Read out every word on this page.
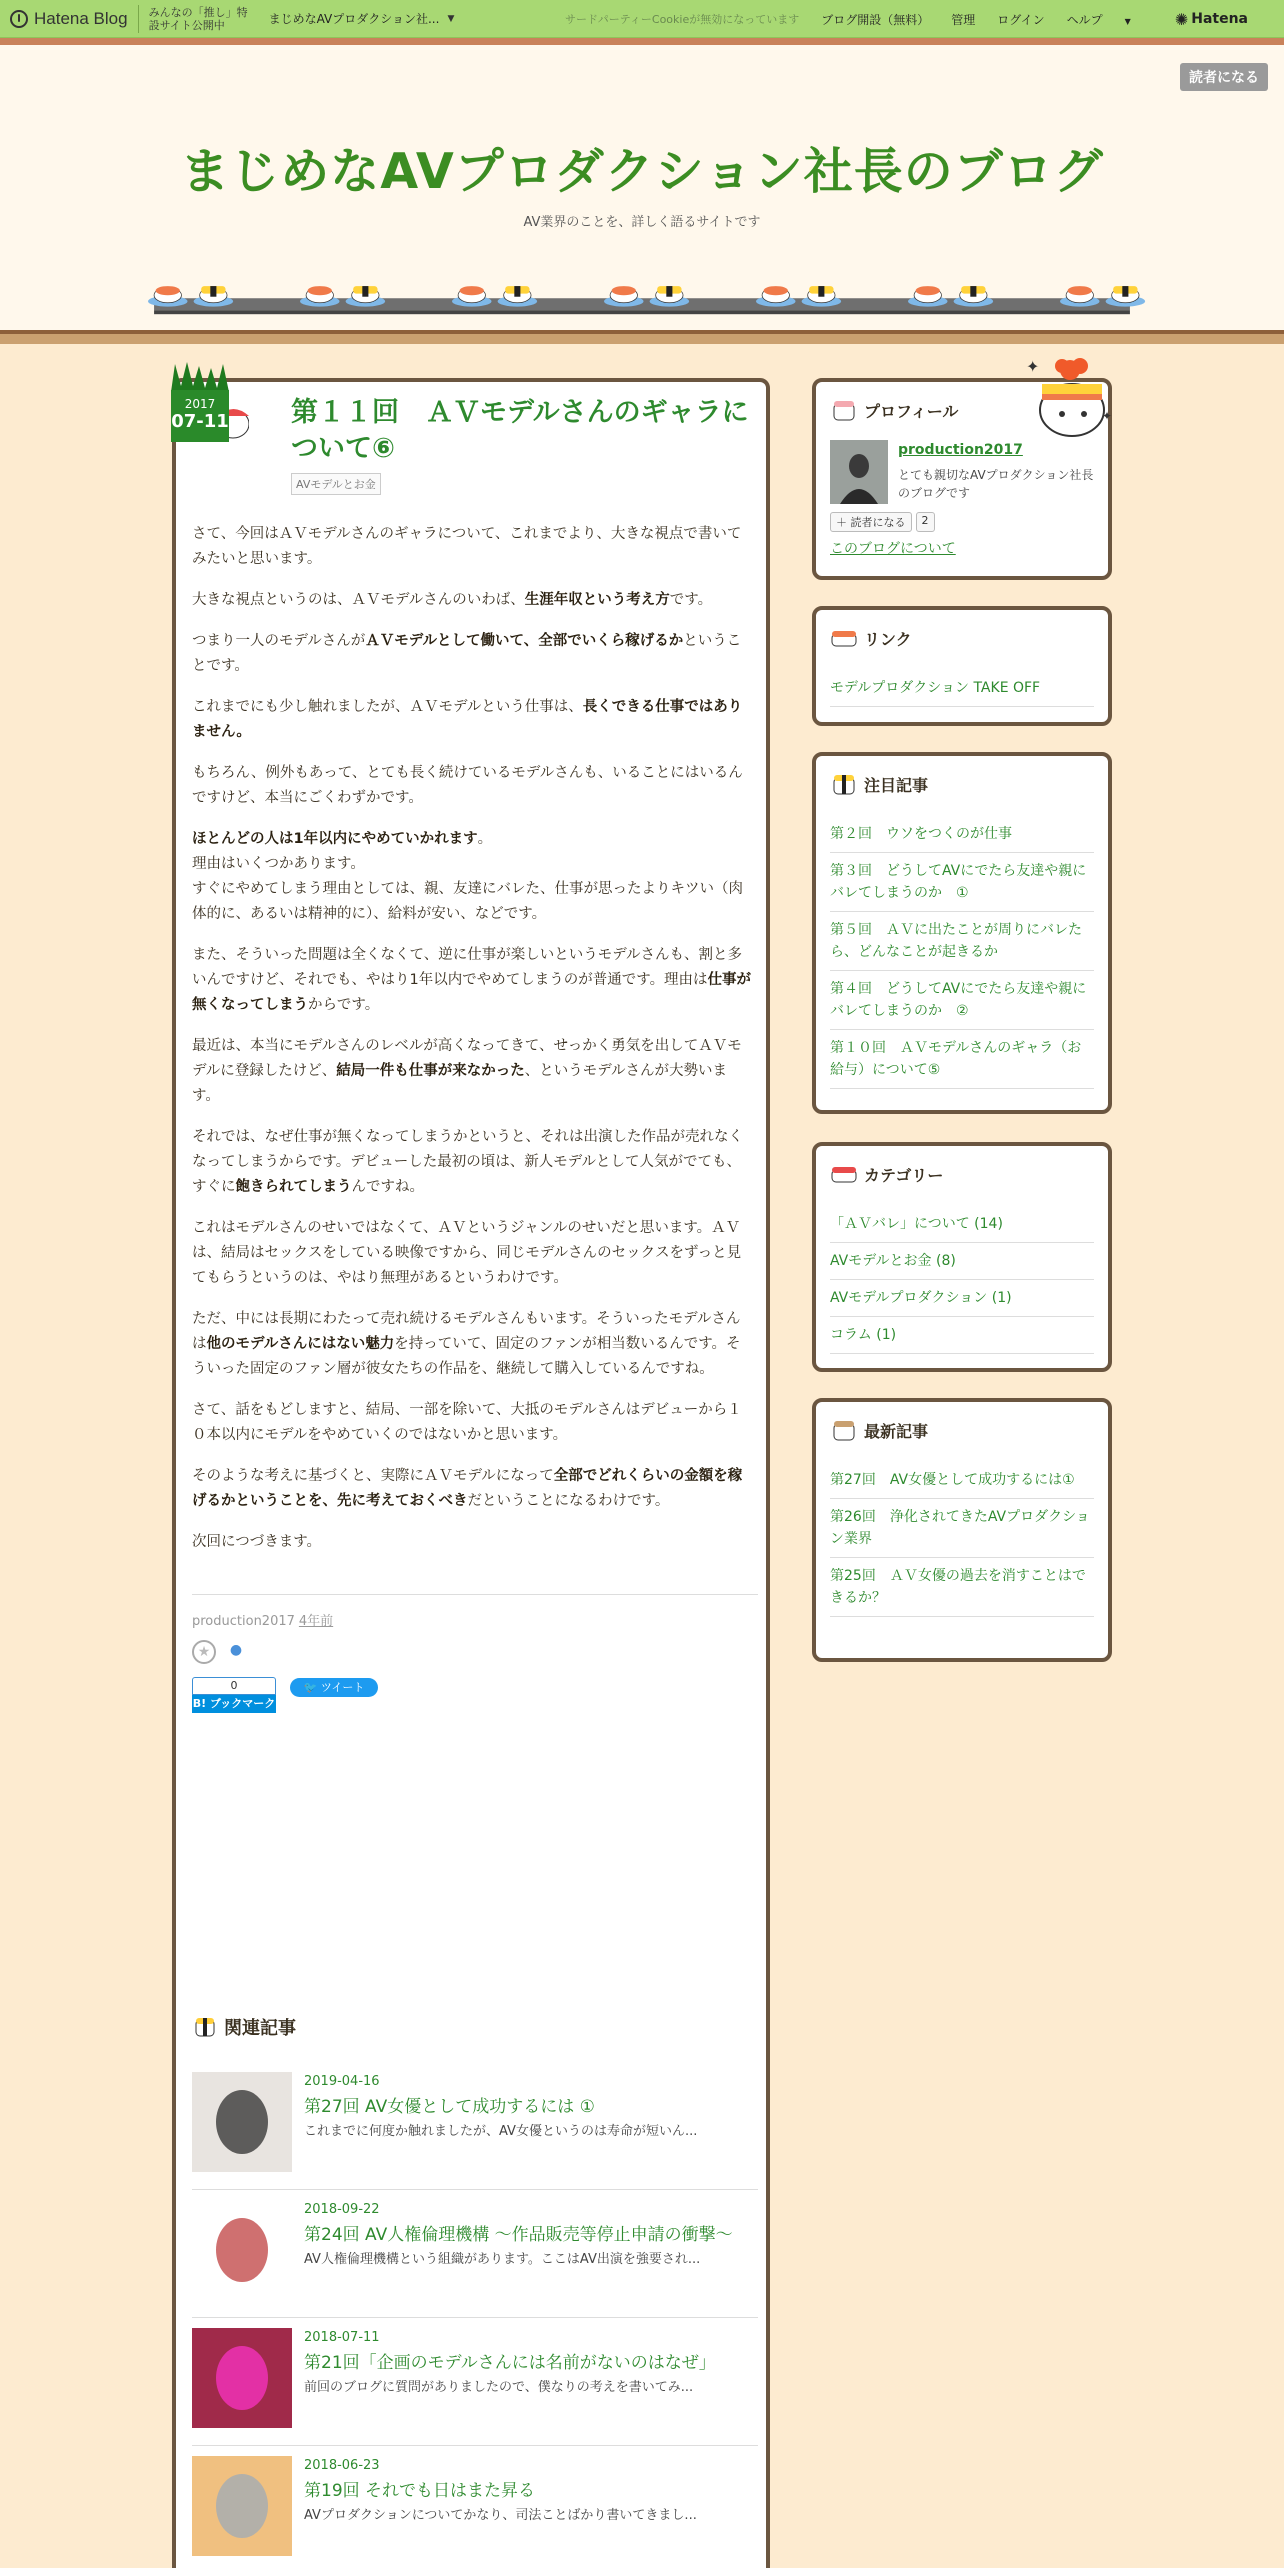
Hatena Blog みんなの「推し」特設サイト公開中	まじめなAV​プロダクション社... ▼	サードパーティーCookieが無効になっています ブログ開設（無料） 管理 ログイン ヘルプ	▼	✺ Hatena
読者になる
まじめなAVプロダクション社長のブログ
AV業界のことを、詳しく語るサイトです
2017
07-11 第１１回　ＡＶモデルさんのギャラについて⑥
AVモデルとお金

さて、今回はＡＶモデルさんのギャラについて、これまでより、大きな視点で書いてみたいと思います。

大きな視点というのは、ＡＶモデルさんのいわば、生涯年収という考え方です。

つまり一人のモデルさんがＡＶモデルとして働いて、全部でいくら稼げるかということです。

これまでにも少し触れましたが、ＡＶモデルという仕事は、長くできる仕事ではありません。

もちろん、例外もあって、とても長く続けているモデルさんも、いることにはいるんですけど、本当にごくわずかです。

ほとんどの人は1年以内にやめていかれます。
理由はいくつかあります。
すぐにやめてしまう理由としては、親、友達にバレた、仕事が思ったよりキツい（肉体的に、あるいは精神的に）、給料が安い、などです。

また、そういった問題は全くなくて、逆に仕事が楽しいというモデルさんも、割と多いんですけど、それでも、やはり1年以内でやめてしまうのが普通です。理由は仕事が無くなってしまうからです。

最近は、本当にモデルさんのレベルが高くなってきて、せっかく勇気を出してＡＶモデルに登録したけど、結局一件も仕事が来なかった、というモデルさんが大勢います。

それでは、なぜ仕事が無くなってしまうかというと、それは出演した作品が売れなくなってしまうからです。デビューした最初の頃は、新人モデルとして人気がでても、すぐに飽きられてしまうんですね。

これはモデルさんのせいではなくて、ＡＶというジャンルのせいだと思います。ＡＶは、結局はセックスをしている映像ですから、同じモデルさんのセックスをずっと見てもらうというのは、やはり無理があるというわけです。

ただ、中には長期にわたって売れ続けるモデルさんもいます。そういったモデルさんは他のモデルさんにはない魅力を持っていて、固定のファンが相当数いるんです。そういった固定のファン層が彼女たちの作品を、継続して購入しているんですね。

さて、話をもどしますと、結局、一部を除いて、大抵のモデルさんはデビューから１０本以内にモデルをやめていくのではないかと思います。

そのような考えに基づくと、実際にＡＶモデルになって全部でどれくらいの金額を稼げるかということを、先に考えておくべきだということになるわけです。

次回につづきます。

production2017 4年前
★	●
0
B! ブックマーク
🐦 ツイート
関連記事
2019-04-16
第27回 AV女優として成功するには ①
これまでに何度か触れましたが、AV女優というのは寿命が短いん...
2018-09-22
第24回 AV人権倫理機構 ～作品販売等停止申請の衝撃～
AV人権倫理機構という組織があります。ここはAV出演を強要され...
2018-07-11
第21回「企画のモデルさんには名前がないのはなぜ」
前回のブログに質問がありましたので、僕なりの考えを書いてみ...
2018-06-23
第19回 それでも日はまた昇る
AVプロダクションについてかなり、司法ことばかり書いてきまし...
プロフィール
✦
✦
production2017
とても親切なAVプロダクション社長のブログです
＋ 読者になる	2
このブログについて
リンク
モデルプロダクション TAKE OFF
注目記事
第２回　ウソをつくのが仕事
第３回　どうしてAVにでたら友達や親にバレてしまうのか　①
第５回　ＡＶに出たことが周りにバレたら、どんなことが起きるか
第４回　どうしてAVにでたら友達や親にバレてしまうのか　②
第１０回　ＡＶモデルさんのギャラ（お給与）について⑤
カテゴリー
「ＡＶバレ」について (14)
AVモデルとお金 (8)
AVモデルプロダクション (1)
コラム (1)
最新記事
第27回　AV女優として成功するには①
第26回　浄化されてきたAVプロダクション業界
第25回　ＡＶ女優の過去を消すことはできるか？
